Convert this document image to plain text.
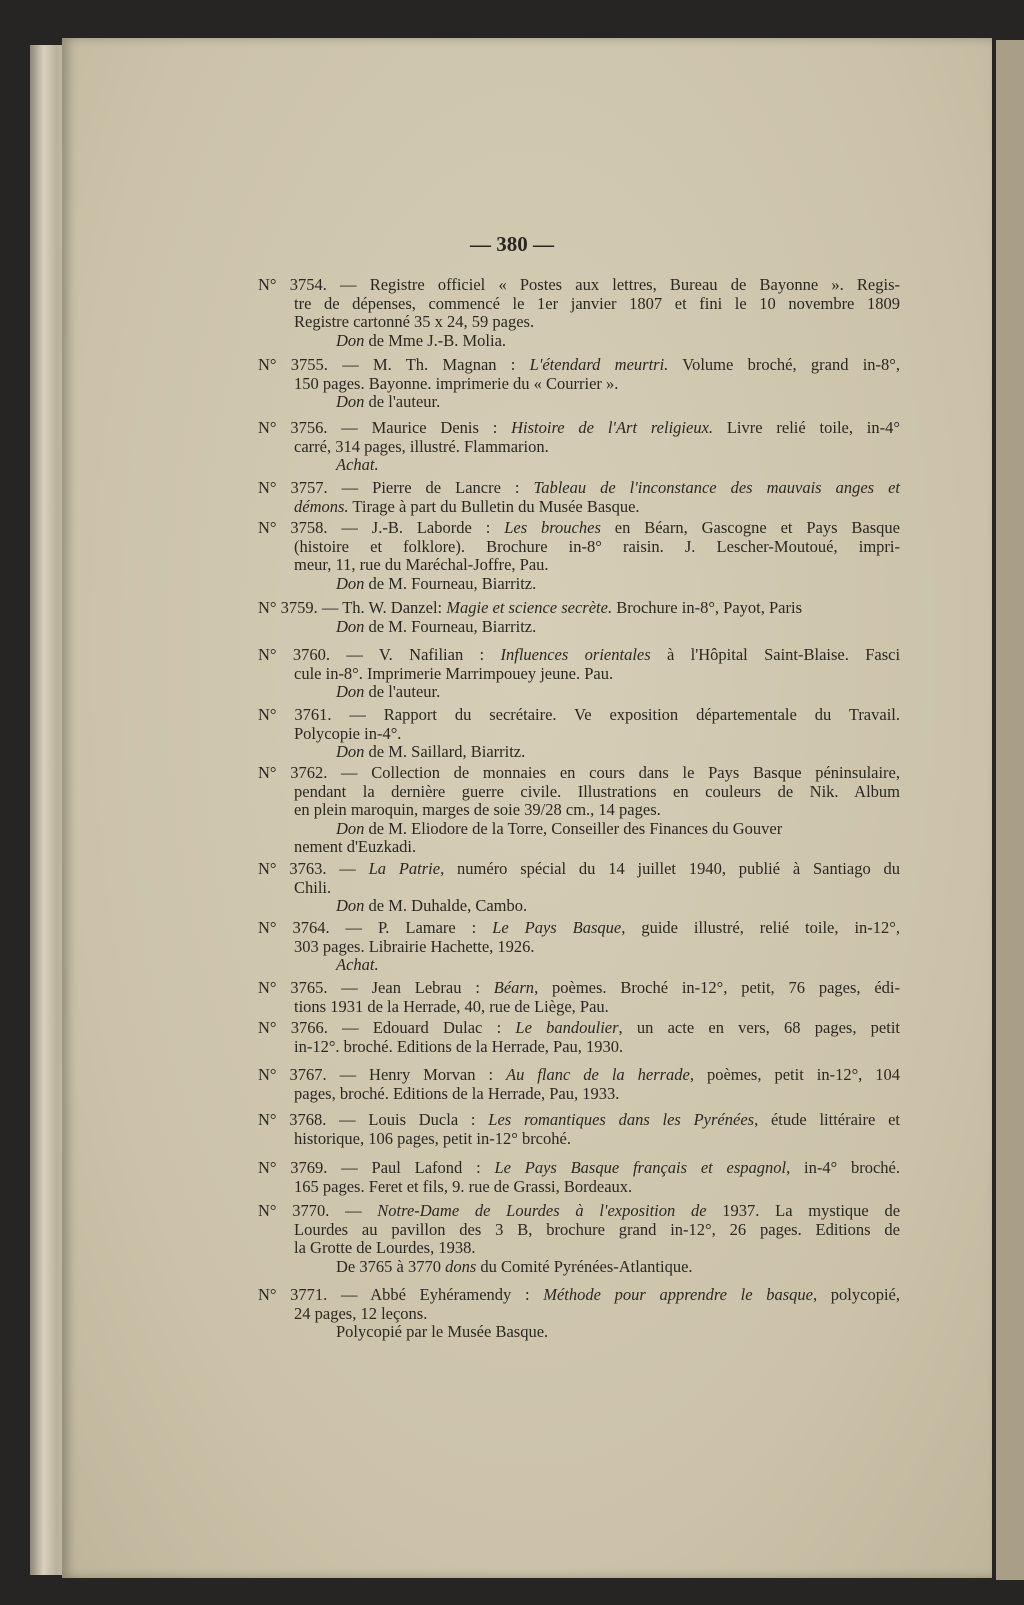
— 380 —
N° 3754. — Registre officiel « Postes aux lettres, Bureau de Bayonne ». Regis-
tre de dépenses, commencé le 1er janvier 1807 et fini le 10 novembre 1809
Registre cartonné 35 x 24, 59 pages.
Don de Mme J.-B. Molia.
N° 3755. — M. Th. Magnan : L'étendard meurtri. Volume broché, grand in-8°,
150 pages. Bayonne. imprimerie du « Courrier ».
Don de l'auteur.
N° 3756. — Maurice Denis : Histoire de l'Art religieux. Livre relié toile, in-4°
carré, 314 pages, illustré. Flammarion.
Achat.
N° 3757. — Pierre de Lancre : Tableau de l'inconstance des mauvais anges et
démons. Tirage à part du Bulletin du Musée Basque.
N° 3758. — J.-B. Laborde : Les brouches en Béarn, Gascogne et Pays Basque
(histoire et folklore). Brochure in-8° raisin. J. Lescher-Moutoué, impri-
meur, 11, rue du Maréchal-Joffre, Pau.
Don de M. Fourneau, Biarritz.
N° 3759. — Th. W. Danzel: Magie et science secrète. Brochure in-8°, Payot, Paris
Don de M. Fourneau, Biarritz.
N° 3760. — V. Nafilian : Influences orientales à l'Hôpital Saint-Blaise. Fasci
cule in-8°. Imprimerie Marrimpouey jeune. Pau.
Don de l'auteur.
N° 3761. — Rapport du secrétaire. Ve exposition départementale du Travail.
Polycopie in-4°.
Don de M. Saillard, Biarritz.
N° 3762. — Collection de monnaies en cours dans le Pays Basque péninsulaire,
pendant la dernière guerre civile. Illustrations en couleurs de Nik. Album
en plein maroquin, marges de soie 39/28 cm., 14 pages.
Don de M. Eliodore de la Torre, Conseiller des Finances du Gouver
nement d'Euzkadi.
N° 3763. — La Patrie, numéro spécial du 14 juillet 1940, publié à Santiago du
Chili.
Don de M. Duhalde, Cambo.
N° 3764. — P. Lamare : Le Pays Basque, guide illustré, relié toile, in-12°,
303 pages. Librairie Hachette, 1926.
Achat.
N° 3765. — Jean Lebrau : Béarn, poèmes. Broché in-12°, petit, 76 pages, édi-
tions 1931 de la Herrade, 40, rue de Liège, Pau.
N° 3766. — Edouard Dulac : Le bandoulier, un acte en vers, 68 pages, petit
in-12°. broché. Editions de la Herrade, Pau, 1930.
N° 3767. — Henry Morvan : Au flanc de la herrade, poèmes, petit in-12°, 104
pages, broché. Editions de la Herrade, Pau, 1933.
N° 3768. — Louis Ducla : Les romantiques dans les Pyrénées, étude littéraire et
historique, 106 pages, petit in-12° brcohé.
N° 3769. — Paul Lafond : Le Pays Basque français et espagnol, in-4° broché.
165 pages. Feret et fils, 9. rue de Grassi, Bordeaux.
N° 3770. — Notre-Dame de Lourdes à l'exposition de 1937. La mystique de
Lourdes au pavillon des 3 B, brochure grand in-12°, 26 pages. Editions de
la Grotte de Lourdes, 1938.
De 3765 à 3770 dons du Comité Pyrénées-Atlantique.
N° 3771. — Abbé Eyhéramendy : Méthode pour apprendre le basque, polycopié,
24 pages, 12 leçons.
Polycopié par le Musée Basque.
